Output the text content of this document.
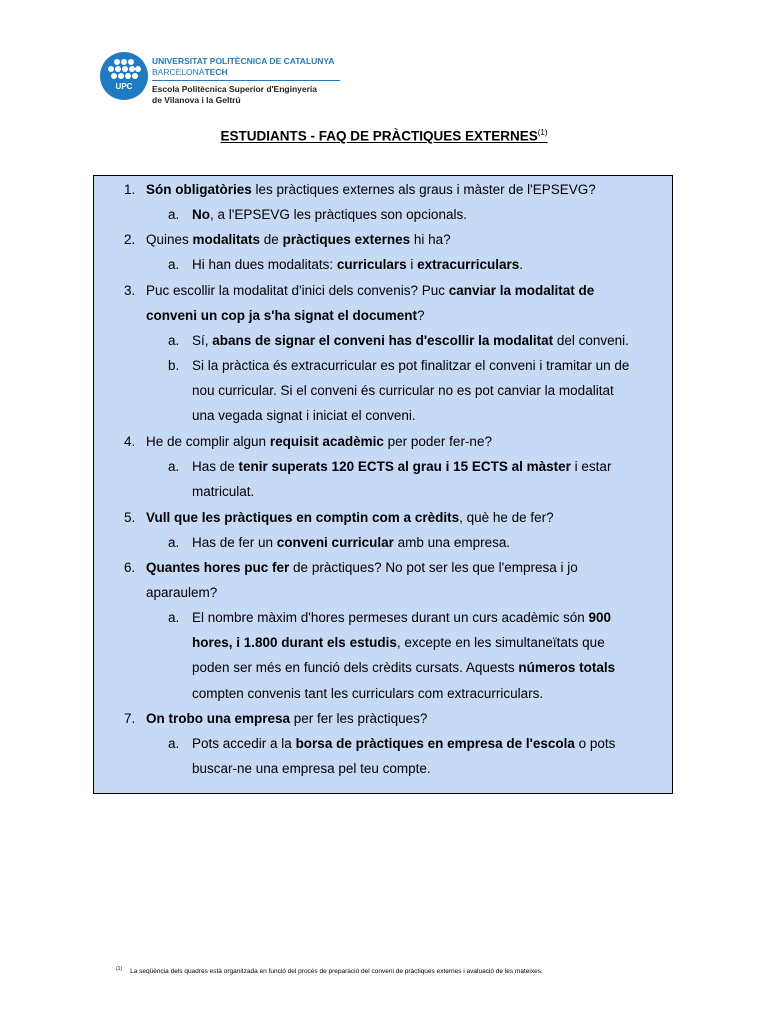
UPC
UNIVERSITAT POLITÈCNICA DE CATALUNYA
BARCELONATECH
Escola Politècnica Superior d'Enginyeria
de Vilanova i la Geltrú
ESTUDIANTS - FAQ DE PRÀCTIQUES EXTERNES$^{(1)}$
1. Són obligatòries les pràctiques externes als graus i màster de l'EPSEVG?
a. No, a l'EPSEVG les pràctiques son opcionals.
2. Quines modalitats de pràctiques externes hi ha?
a. Hi han dues modalitats: curriculars i extracurriculars.
3. Puc escollir la modalitat d'inici dels convenis? Puc canviar la modalitat de conveni un cop ja s'ha signat el document?
a. Sí, abans de signar el conveni has d'escollir la modalitat del conveni.
b. Si la pràctica és extracurricular es pot finalitzar el conveni i tramitar un de nou curricular. Si el conveni és curricular no es pot canviar la modalitat una vegada signat i iniciat el conveni.
4. He de complir algun requisit acadèmic per poder fer-ne?
a. Has de tenir superats 120 ECTS al grau i 15 ECTS al màster i estar matriculat.
5. Vull que les pràctiques en comptin com a crèdits, què he de fer?
a. Has de fer un conveni curricular amb una empresa.
6. Quantes hores puc fer de pràctiques? No pot ser les que l'empresa i jo aparaulem?
a. El nombre màxim d'hores permeses durant un curs acadèmic són 900 hores, i 1.800 durant els estudis, excepte en les simultaneïtats que poden ser més en funció dels crèdits cursats. Aquests números totals compten convenis tant les curriculars com extracurriculars.
7. On trobo una empresa per fer les pràctiques?
a. Pots accedir a la borsa de pràctiques en empresa de l'escola o pots buscar-ne una empresa pel teu compte.
$^{(1)}$ La seqüència dels quadres està organitzada en funció del procés de preparació del conveni de pràctiques externes i avaluació de les mateixes.
